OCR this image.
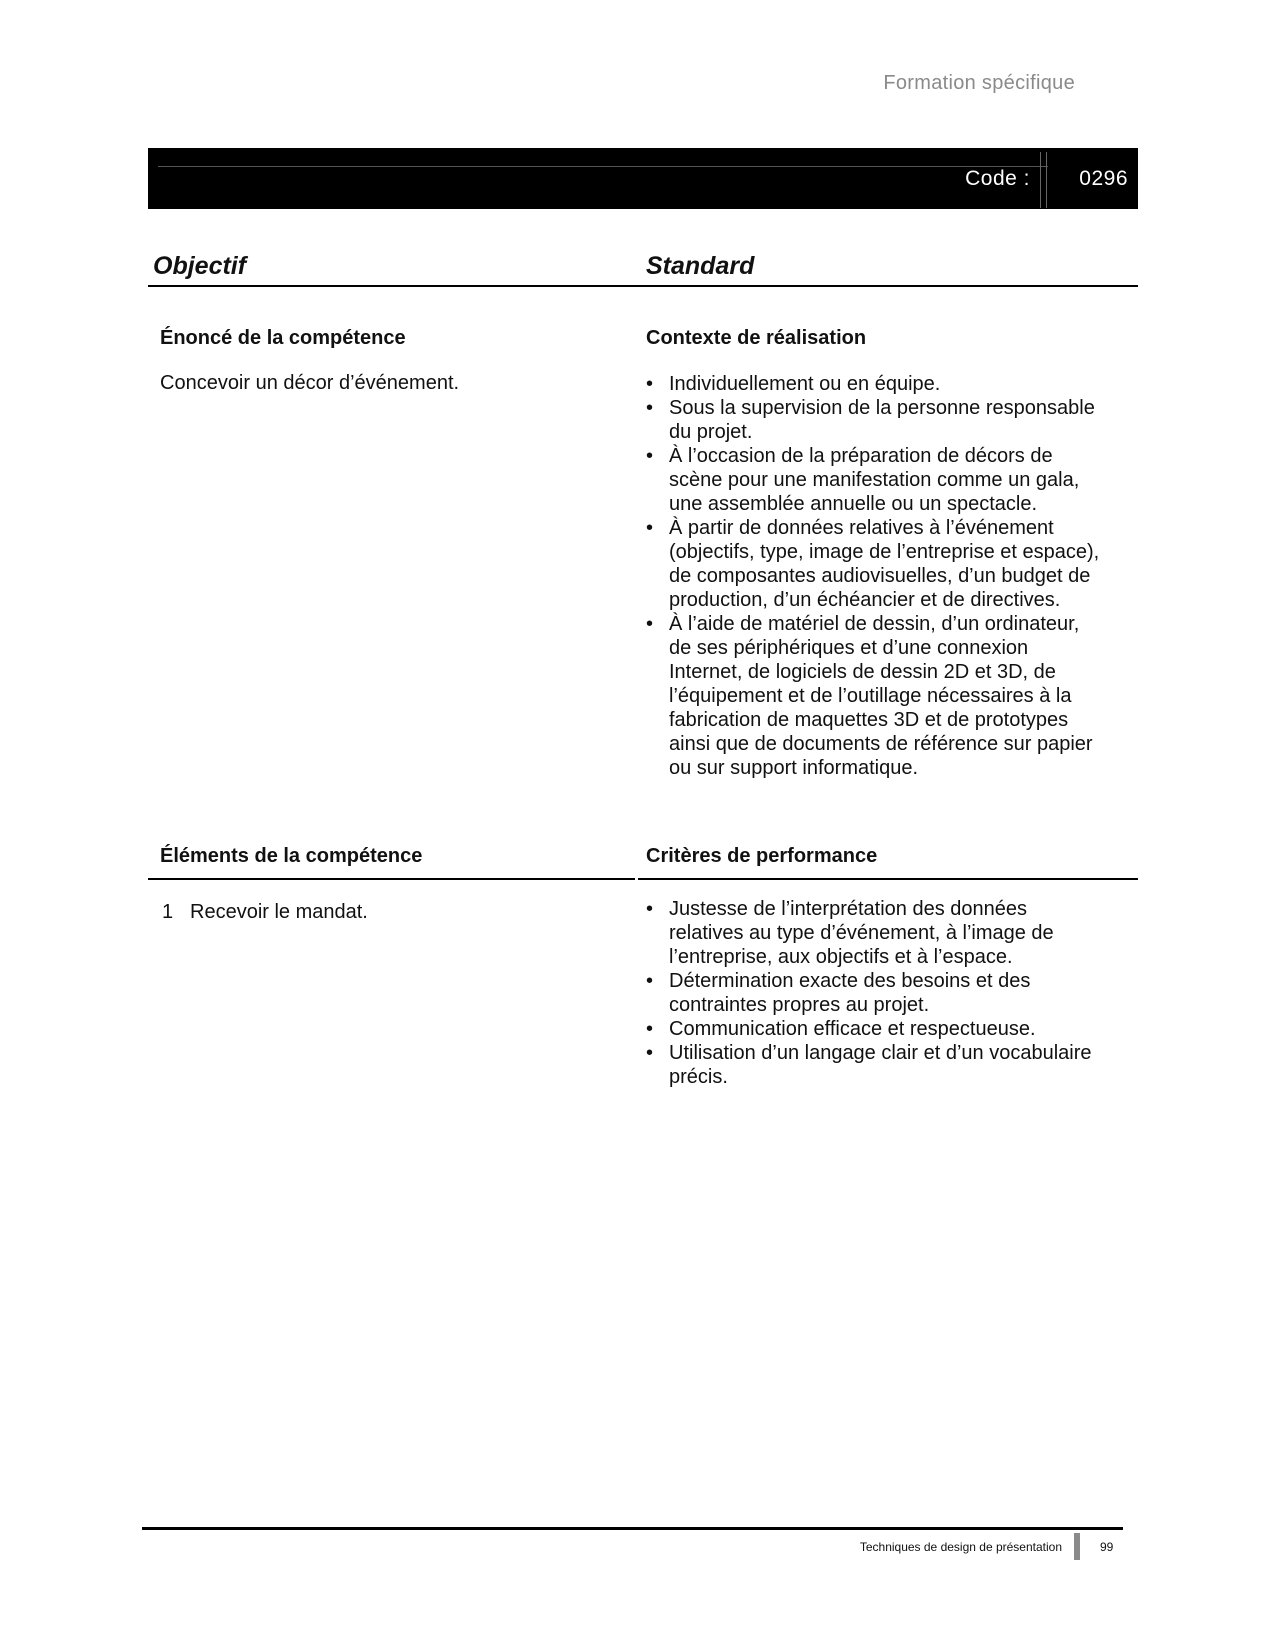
Formation spécifique
Code : 0296
Objectif	Standard
Énoncé de la compétence
Concevoir un décor d’événement.
Contexte de réalisation
• Individuellement ou en équipe.
• Sous la supervision de la personne responsable du projet.
• À l’occasion de la préparation de décors de scène pour une manifestation comme un gala, une assemblée annuelle ou un spectacle.
• À partir de données relatives à l’événement (objectifs, type, image de l’entreprise et espace), de composantes audiovisuelles, d’un budget de production, d’un échéancier et de directives.
• À l’aide de matériel de dessin, d’un ordinateur, de ses périphériques et d’une connexion Internet, de logiciels de dessin 2D et 3D, de l’équipement et de l’outillage nécessaires à la fabrication de maquettes 3D et de prototypes ainsi que de documents de référence sur papier ou sur support informatique.
Éléments de la compétence
1 Recevoir le mandat.
Critères de performance
• Justesse de l’interprétation des données relatives au type d’événement, à l’image de l’entreprise, aux objectifs et à l’espace.
• Détermination exacte des besoins et des contraintes propres au projet.
• Communication efficace et respectueuse.
• Utilisation d’un langage clair et d’un vocabulaire précis.
Techniques de design de présentation	99
